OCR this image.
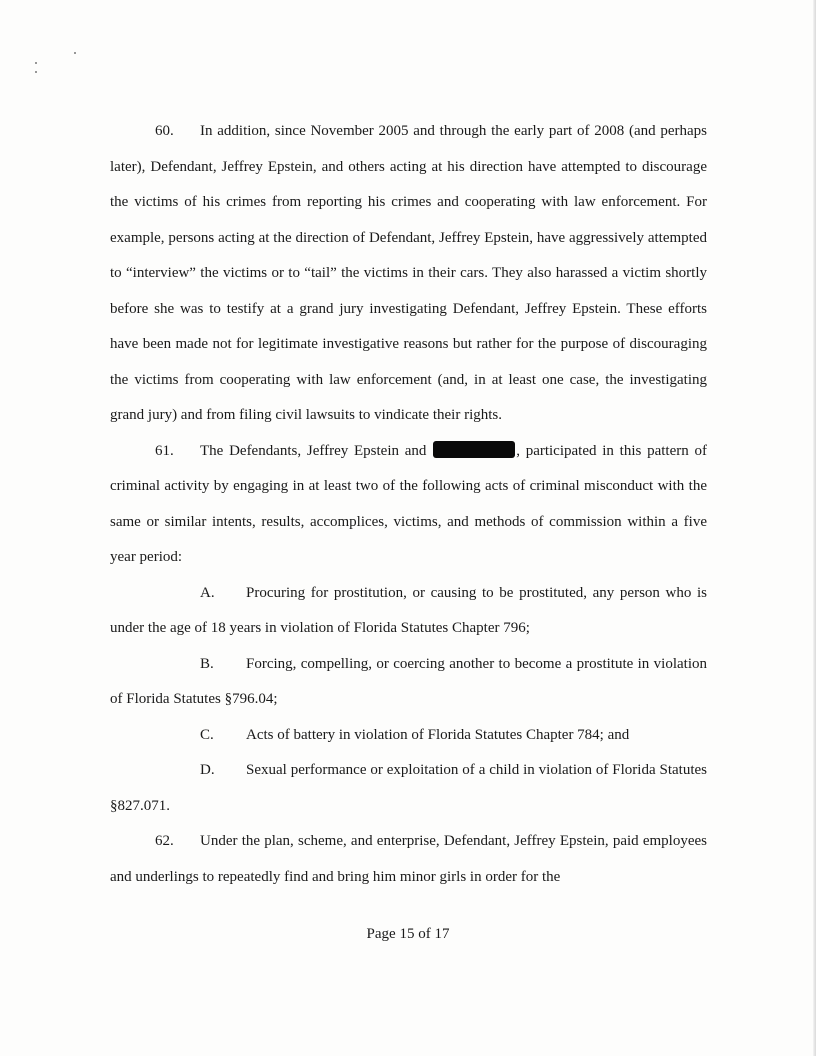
60. In addition, since November 2005 and through the early part of 2008 (and perhaps later), Defendant, Jeffrey Epstein, and others acting at his direction have attempted to discourage the victims of his crimes from reporting his crimes and cooperating with law enforcement. For example, persons acting at the direction of Defendant, Jeffrey Epstein, have aggressively attempted to “interview” the victims or to “tail” the victims in their cars. They also harassed a victim shortly before she was to testify at a grand jury investigating Defendant, Jeffrey Epstein. These efforts have been made not for legitimate investigative reasons but rather for the purpose of discouraging the victims from cooperating with law enforcement (and, in at least one case, the investigating grand jury) and from filing civil lawsuits to vindicate their rights.

61. The Defendants, Jeffrey Epstein and	, participated in this pattern of criminal activity by engaging in at least two of the following acts of criminal misconduct with the same or similar intents, results, accomplices, victims, and methods of commission within a five year period:

A. Procuring for prostitution, or causing to be prostituted, any person who is under the age of 18 years in violation of Florida Statutes Chapter 796;

B. Forcing, compelling, or coercing another to become a prostitute in violation of Florida Statutes §796.04;

C. Acts of battery in violation of Florida Statutes Chapter 784; and

D. Sexual performance or exploitation of a child in violation of Florida Statutes §827.071.

62. Under the plan, scheme, and enterprise, Defendant, Jeffrey Epstein, paid employees and underlings to repeatedly find and bring him minor girls in order for the

Page 15 of 17
